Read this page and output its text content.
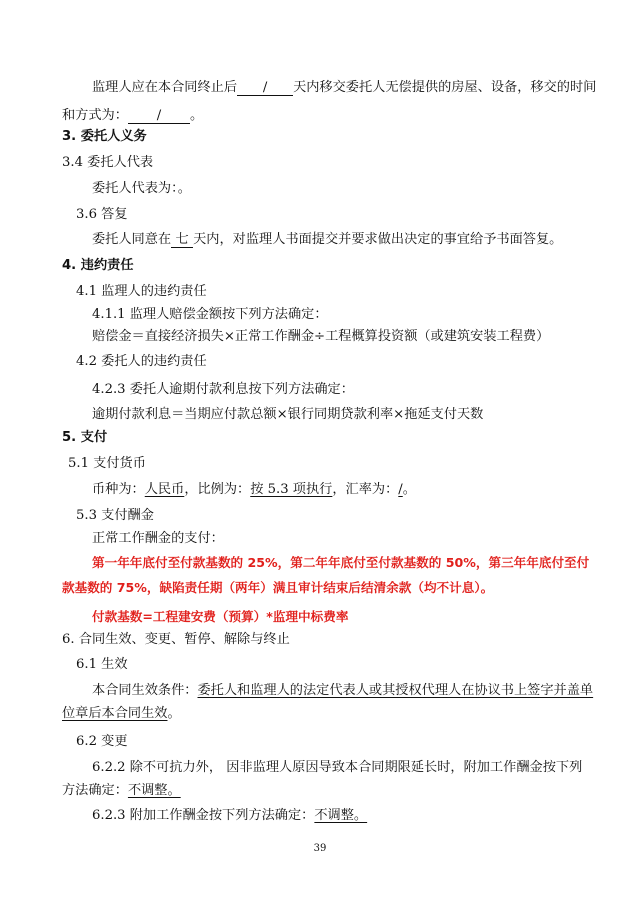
监理人应在本合同终止后 / 天内移交委托人无偿提供的房屋、设备，移交的时间
和方式为： / 。
3. 委托人义务
3.4 委托人代表
委托人代表为：。
3.6 答复
委托人同意在 七 天内，对监理人书面提交并要求做出决定的事宜给予书面答复。
4. 违约责任
4.1 监理人的违约责任
4.1.1 监理人赔偿金额按下列方法确定：
赔偿金＝直接经济损失×正常工作酬金÷工程概算投资额（或建筑安装工程费）
4.2 委托人的违约责任
4.2.3 委托人逾期付款利息按下列方法确定：
逾期付款利息＝当期应付款总额×银行同期贷款利率×拖延支付天数
5. 支付
5.1 支付货币
币种为：人民币，比例为：按 5.3 项执行，汇率为：/。
5.3 支付酬金
正常工作酬金的支付：
第一年年底付至付款基数的 25%，第二年年底付至付款基数的 50%，第三年年底付至付
款基数的 75%，缺陷责任期（两年）满且审计结束后结清余款（均不计息）。
付款基数=工程建安费（预算）*监理中标费率
6. 合同生效、变更、暂停、解除与终止
6.1 生效
本合同生效条件：委托人和监理人的法定代表人或其授权代理人在协议书上签字并盖单
位章后本合同生效。
6.2 变更
6.2.2 除不可抗力外， 因非监理人原因导致本合同期限延长时，附加工作酬金按下列
方法确定：不调整。
6.2.3 附加工作酬金按下列方法确定：不调整。
39
